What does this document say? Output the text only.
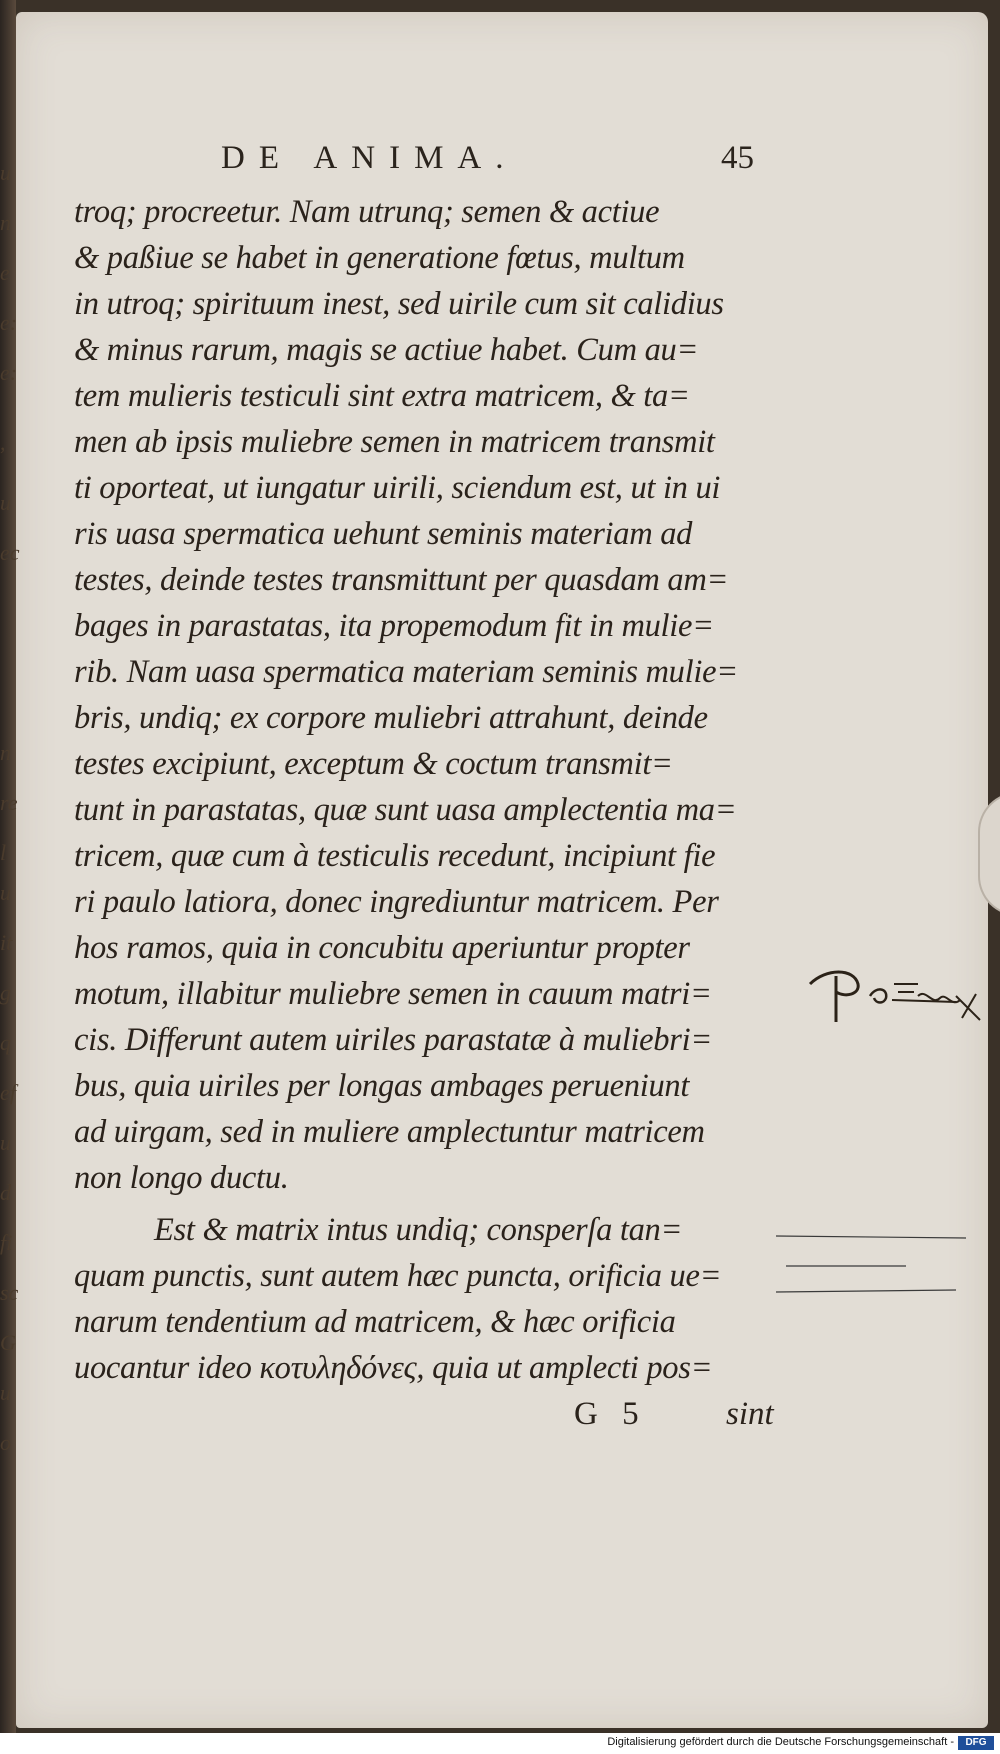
DE ANIMA.	45
troq; procreetur. Nam utrunq; semen & actiue
& paßiue se habet in generatione fœtus, multum
in utroq; spirituum inest, sed uirile cum sit calidius
& minus rarum, magis se actiue habet. Cum au=
tem mulieris testiculi sint extra matricem, & ta=
men ab ipsis muliebre semen in matricem transmit
ti oporteat, ut iungatur uirili, sciendum est, ut in ui
ris uasa spermatica uehunt seminis materiam ad
testes, deinde testes transmittunt per quasdam am=
bages in parastatas, ita propemodum fit in mulie=
rib. Nam uasa spermatica materiam seminis mulie=
bris, undiq; ex corpore muliebri attrahunt, deinde
testes excipiunt, exceptum & coctum transmit=
tunt in parastatas, quæ sunt uasa amplectentia ma=
tricem, quæ cum à testiculis recedunt, incipiunt fie
ri paulo latiora, donec ingrediuntur matricem. Per
hos ramos, quia in concubitu aperiuntur propter
motum, illabitur muliebre semen in cauum matri=
cis. Differunt autem uiriles parastatæ à muliebri=
bus, quia uiriles per longas ambages perueniunt
ad uirgam, sed in muliere amplectuntur matricem
non longo ductu.
Est & matrix intus undiq; consperſa tan=
quam punctis, sunt autem hæc puncta, orificia ue=
narum tendentium ad matricem, & hæc orificia
uocantur ideo κοτυληδόνες, quia ut amplecti pos=
G 5 sint
u
n
e
e:
e:
,
u
ec
n
re
l
u
it
g
q
ef
u
d
fi
sc
G
u
o
Digitalisierung gefördert durch die Deutsche Forschungsgemeinschaft -	DFG
